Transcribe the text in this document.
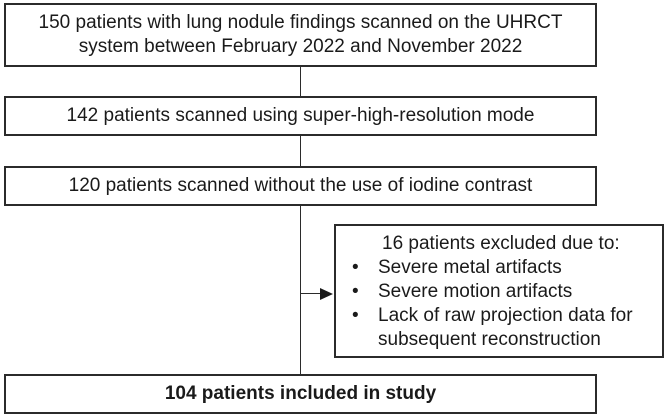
150 patients with lung nodule findings scanned on the UHRCT
system between February 2022 and November 2022
142 patients scanned using super-high-resolution mode
120 patients scanned without the use of iodine contrast
16 patients excluded due to:
• Severe metal artifacts
• Severe motion artifacts
• Lack of raw projection data for
subsequent reconstruction
104 patients included in study
